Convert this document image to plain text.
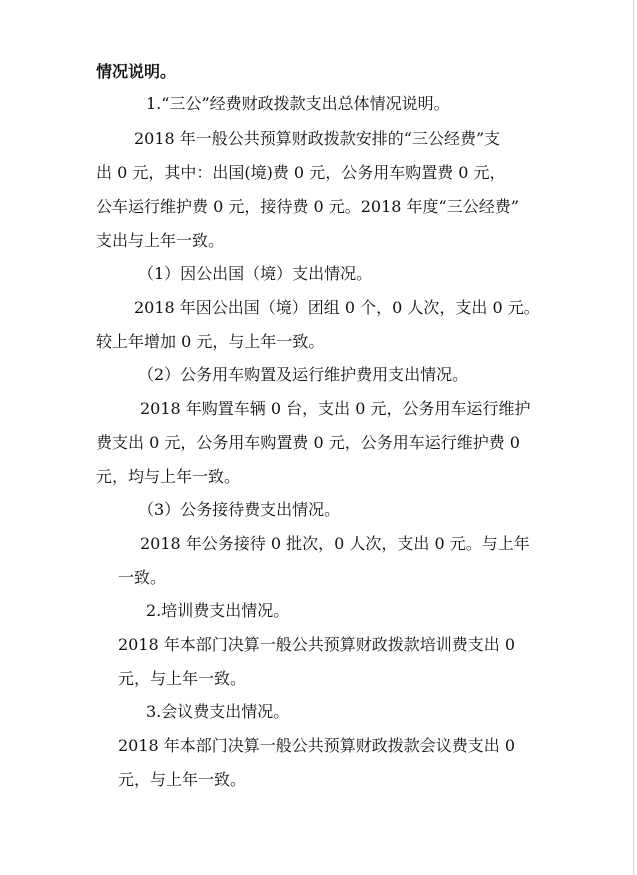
情况说明。
1.“三公”经费财政拨款支出总体情况说明。
2018 年一般公共预算财政拨款安排的“三公经费”支
出 0 元，其中：出国(境)费 0 元，公务用车购置费 0 元，
公车运行维护费 0 元，接待费 0 元。2018 年度“三公经费”
支出与上年一致。
（1）因公出国（境）支出情况。
2018 年因公出国（境）团组 0 个，0 人次，支出 0 元。
较上年增加 0 元，与上年一致。
（2）公务用车购置及运行维护费用支出情况。
2018 年购置车辆 0 台，支出 0 元，公务用车运行维护
费支出 0 元，公务用车购置费 0 元，公务用车运行维护费 0
元，均与上年一致。
（3）公务接待费支出情况。
2018 年公务接待 0 批次，0 人次，支出 0 元。与上年
一致。
2.培训费支出情况。
2018 年本部门决算一般公共预算财政拨款培训费支出 0
元，与上年一致。
3.会议费支出情况。
2018 年本部门决算一般公共预算财政拨款会议费支出 0
元，与上年一致。
